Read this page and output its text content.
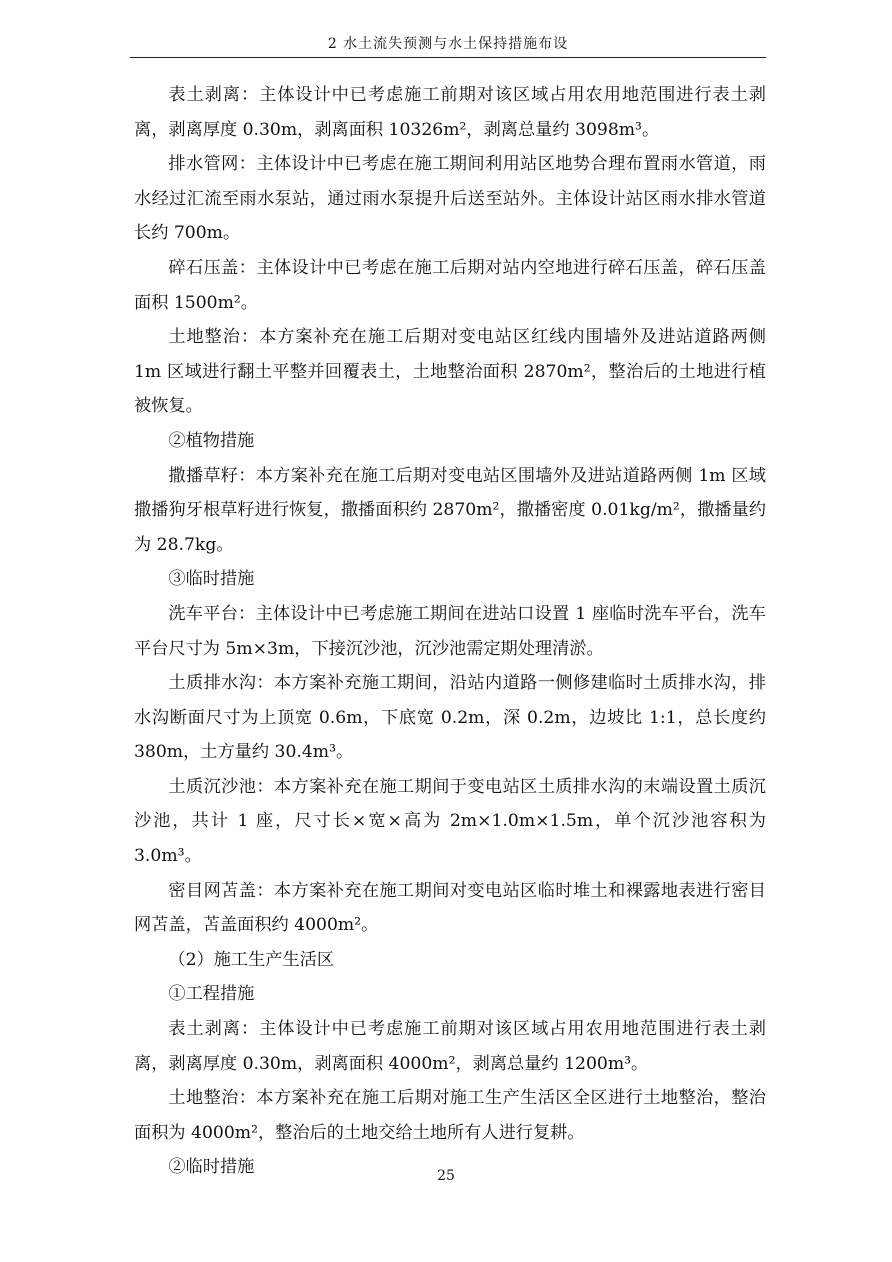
2 水土流失预测与水土保持措施布设

表土剥离：主体设计中已考虑施工前期对该区域占用农用地范围进行表土剥离，剥离厚度 0.30m，剥离面积 10326m²，剥离总量约 3098m³。

排水管网：主体设计中已考虑在施工期间利用站区地势合理布置雨水管道，雨水经过汇流至雨水泵站，通过雨水泵提升后送至站外。主体设计站区雨水排水管道长约 700m。

碎石压盖：主体设计中已考虑在施工后期对站内空地进行碎石压盖，碎石压盖面积 1500m²。

土地整治：本方案补充在施工后期对变电站区红线内围墙外及进站道路两侧 1m 区域进行翻土平整并回覆表土，土地整治面积 2870m²，整治后的土地进行植被恢复。

②植物措施

撒播草籽：本方案补充在施工后期对变电站区围墙外及进站道路两侧 1m 区域撒播狗牙根草籽进行恢复，撒播面积约 2870m²，撒播密度 0.01kg/m²，撒播量约为 28.7kg。

③临时措施

洗车平台：主体设计中已考虑施工期间在进站口设置 1 座临时洗车平台，洗车平台尺寸为 5m×3m，下接沉沙池，沉沙池需定期处理清淤。

土质排水沟：本方案补充施工期间，沿站内道路一侧修建临时土质排水沟，排水沟断面尺寸为上顶宽 0.6m，下底宽 0.2m，深 0.2m，边坡比 1:1，总长度约 380m，土方量约 30.4m³。

土质沉沙池：本方案补充在施工期间于变电站区土质排水沟的末端设置土质沉沙池，共计 1 座，尺寸长×宽×高为 2m×1.0m×1.5m，单个沉沙池容积为 3.0m³。

密目网苫盖：本方案补充在施工期间对变电站区临时堆土和裸露地表进行密目网苫盖，苫盖面积约 4000m²。

（2）施工生产生活区

①工程措施

表土剥离：主体设计中已考虑施工前期对该区域占用农用地范围进行表土剥离，剥离厚度 0.30m，剥离面积 4000m²，剥离总量约 1200m³。

土地整治：本方案补充在施工后期对施工生产生活区全区进行土地整治，整治面积为 4000m²，整治后的土地交给土地所有人进行复耕。

②临时措施	25
